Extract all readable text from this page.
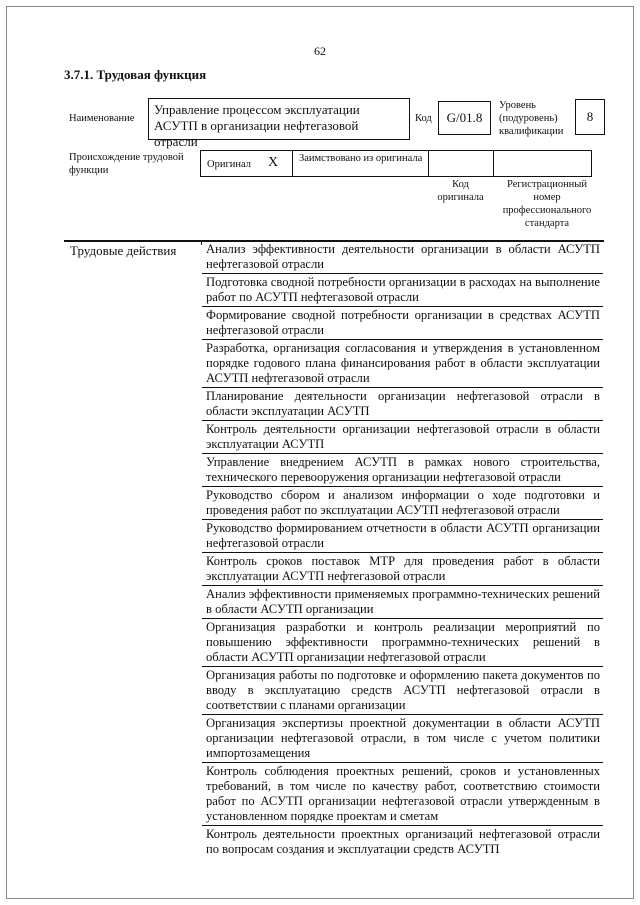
62
3.7.1. Трудовая функция
Наименование
Управление процессом эксплуатации АСУТП в организации нефтегазовой отрасли
Код	G/01.8
Уровень (подуровень) квалификации
8
Происхождение трудовой функции
Оригинал X Заимствовано из оригинала
Код оригинала
Регистрационный номер профессионального стандарта
Трудовые действия	Анализ эффективности деятельности организации в области АСУТП нефтегазовой отрасли
Подготовка сводной потребности организации в расходах на выполнение работ по АСУТП нефтегазовой отрасли
Формирование сводной потребности организации в средствах АСУТП нефтегазовой отрасли
Разработка, организация согласования и утверждения в установленном порядке годового плана финансирования работ в области эксплуатации АСУТП нефтегазовой отрасли
Планирование деятельности организации нефтегазовой отрасли в области эксплуатации АСУТП
Контроль деятельности организации нефтегазовой отрасли в области эксплуатации АСУТП
Управление внедрением АСУТП в рамках нового строительства, технического перевооружения организации нефтегазовой отрасли
Руководство сбором и анализом информации о ходе подготовки и проведения работ по эксплуатации АСУТП нефтегазовой отрасли
Руководство формированием отчетности в области АСУТП организации нефтегазовой отрасли
Контроль сроков поставок МТР для проведения работ в области эксплуатации АСУТП нефтегазовой отрасли
Анализ эффективности применяемых программно-технических решений в области АСУТП организации
Организация разработки и контроль реализации мероприятий по повышению эффективности программно-технических решений в области АСУТП организации нефтегазовой отрасли
Организация работы по подготовке и оформлению пакета документов по вводу в эксплуатацию средств АСУТП нефтегазовой отрасли в соответствии с планами организации
Организация экспертизы проектной документации в области АСУТП организации нефтегазовой отрасли, в том числе с учетом политики импортозамещения
Контроль соблюдения проектных решений, сроков и установленных требований, в том числе по качеству работ, соответствию стоимости работ по АСУТП организации нефтегазовой отрасли утвержденным в установленном порядке проектам и сметам
Контроль деятельности проектных организаций нефтегазовой отрасли по вопросам создания и эксплуатации средств АСУТП
